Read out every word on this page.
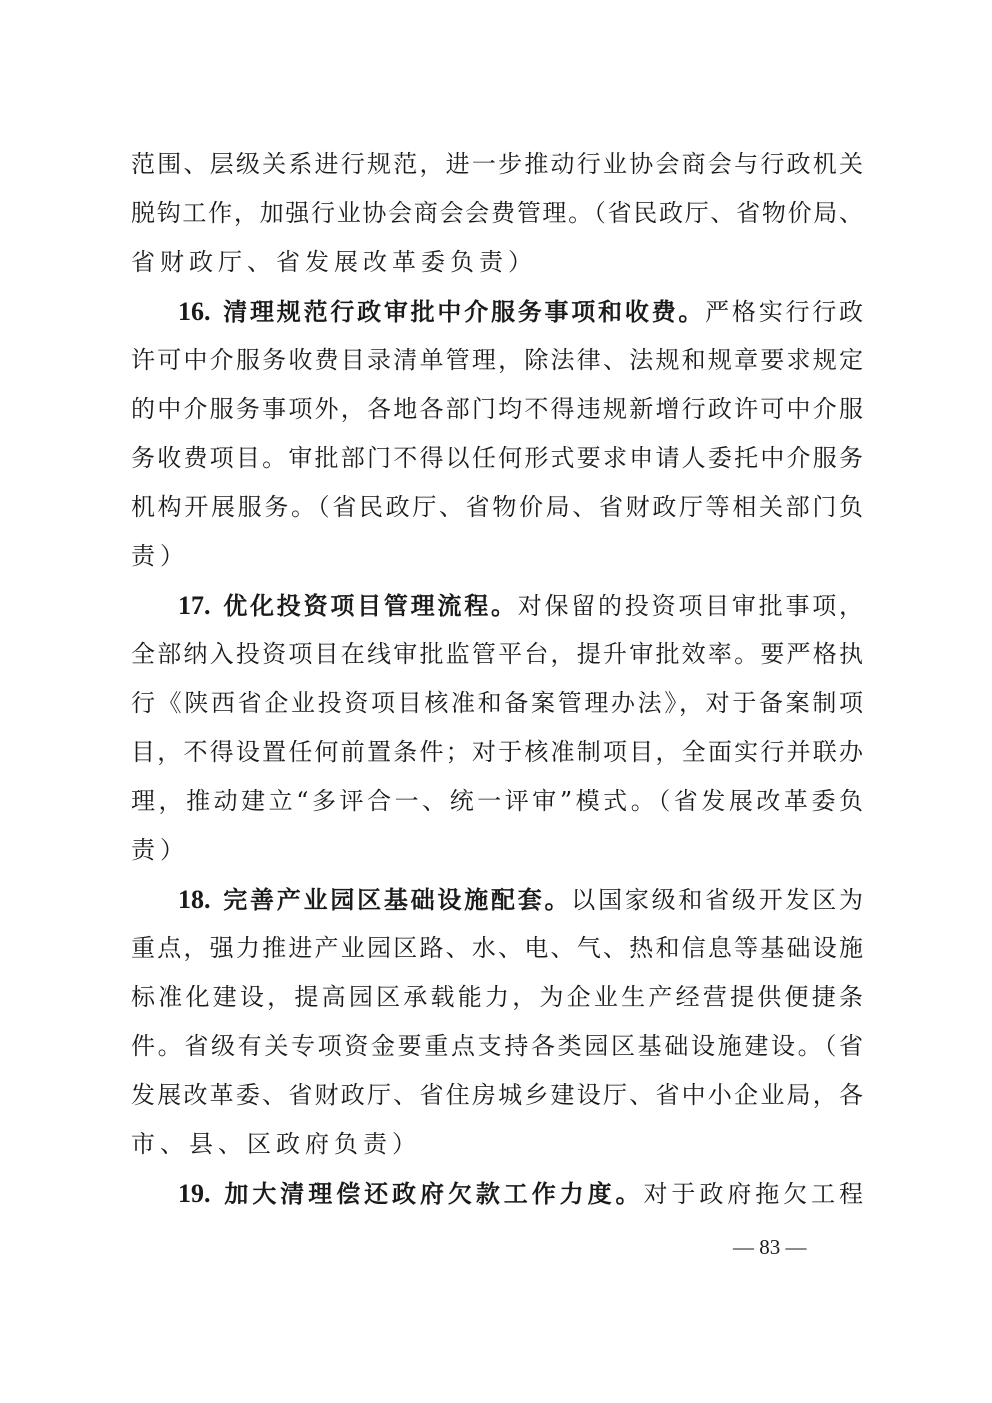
范围、层级关系进行规范，进一步推动行业协会商会与行政机关
脱钩工作，加强行业协会商会会费管理。（省民政厅、省物价局、
省财政厅、省发展改革委负责）
16. 清理规范行政审批中介服务事项和收费。严格实行行政
许可中介服务收费目录清单管理，除法律、法规和规章要求规定
的中介服务事项外，各地各部门均不得违规新增行政许可中介服
务收费项目。审批部门不得以任何形式要求申请人委托中介服务
机构开展服务。（省民政厅、省物价局、省财政厅等相关部门负
责）
17. 优化投资项目管理流程。对保留的投资项目审批事项，
全部纳入投资项目在线审批监管平台，提升审批效率。要严格执
行《陕西省企业投资项目核准和备案管理办法》，对于备案制项
目，不得设置任何前置条件；对于核准制项目，全面实行并联办
理，推动建立“多评合一、统一评审”模式。（省发展改革委负
责）
18. 完善产业园区基础设施配套。以国家级和省级开发区为
重点，强力推进产业园区路、水、电、气、热和信息等基础设施
标准化建设，提高园区承载能力，为企业生产经营提供便捷条
件。省级有关专项资金要重点支持各类园区基础设施建设。（省
发展改革委、省财政厅、省住房城乡建设厅、省中小企业局，各
市、县、区政府负责）
19. 加大清理偿还政府欠款工作力度。对于政府拖欠工程
— 83 —
